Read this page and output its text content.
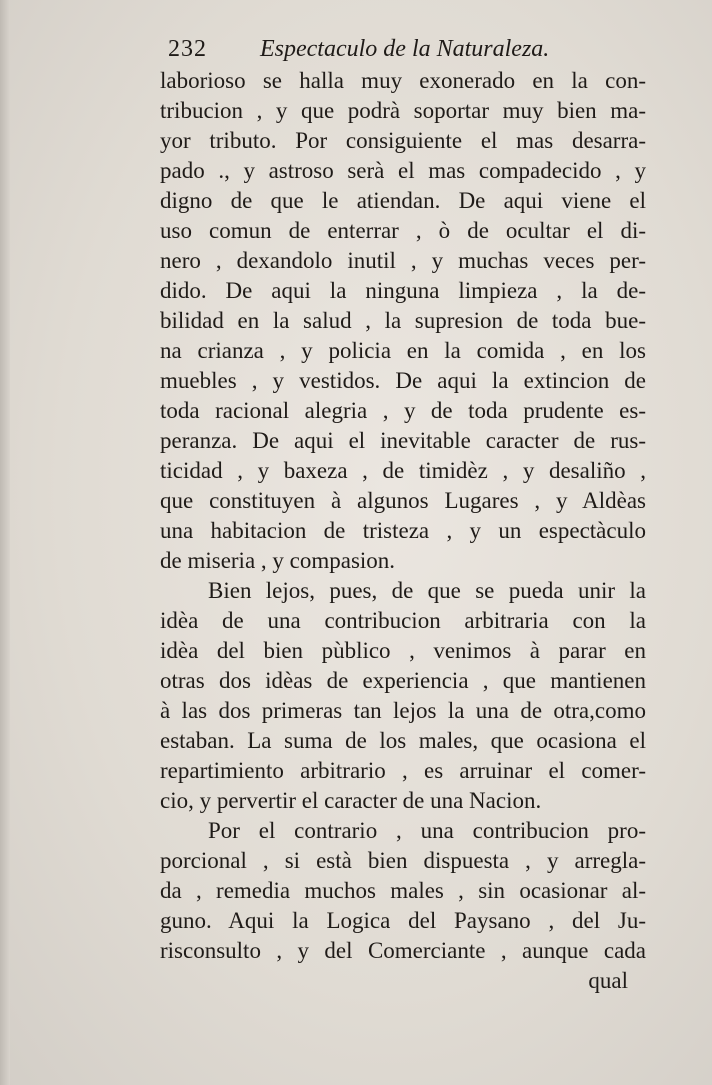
232 Espectaculo de la Naturaleza.
laborioso se halla muy exonerado en la con-
tribucion , y que podrà soportar muy bien ma-
yor tributo. Por consiguiente el mas desarra-
pado ., y astroso serà el mas compadecido , y
digno de que le atiendan. De aqui viene el
uso comun de enterrar , ò de ocultar el di-
nero , dexandolo inutil , y muchas veces per-
dido. De aqui la ninguna limpieza , la de-
bilidad en la salud , la supresion de toda bue-
na crianza , y policia en la comida , en los
muebles , y vestidos. De aqui la extincion de
toda racional alegria , y de toda prudente es-
peranza. De aqui el inevitable caracter de rus-
ticidad , y baxeza , de timidèz , y desaliño ,
que constituyen à algunos Lugares , y Aldèas
una habitacion de tristeza , y un espectàculo
de miseria , y compasion.
Bien lejos, pues, de que se pueda unir la
idèa de una contribucion arbitraria con la
idèa del bien pùblico , venimos à parar en
otras dos idèas de experiencia , que mantienen
à las dos primeras tan lejos la una de otra,como
estaban. La suma de los males, que ocasiona el
repartimiento arbitrario , es arruinar el comer-
cio, y pervertir el caracter de una Nacion.
Por el contrario , una contribucion pro-
porcional , si està bien dispuesta , y arregla-
da , remedia muchos males , sin ocasionar al-
guno. Aqui la Logica del Paysano , del Ju-
risconsulto , y del Comerciante , aunque cada
qual
